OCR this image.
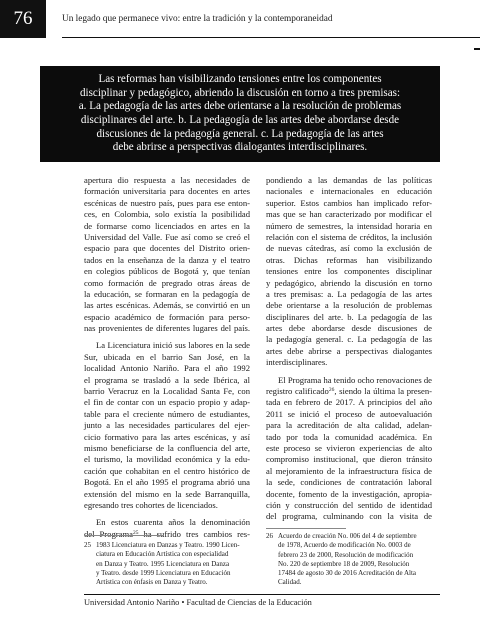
76	Un legado que permanece vivo: entre la tradición y la contemporaneidad
Las reformas han visibilizando tensiones entre los componentes
disciplinar y pedagógico, abriendo la discusión en torno a tres premisas:
a. La pedagogía de las artes debe orientarse a la resolución de problemas
disciplinares del arte. b. La pedagogía de las artes debe abordarse desde
discusiones de la pedagogía general. c. La pedagogía de las artes
debe abrirse a perspectivas dialogantes interdisciplinares.
apertura dio respuesta a las necesidades de
formación universitaria para docentes en artes
escénicas de nuestro país, pues para ese enton-
ces, en Colombia, solo existía la posibilidad
de formarse como licenciados en artes en la
Universidad del Valle. Fue así como se creó el
espacio para que docentes del Distrito orien-
tados en la enseñanza de la danza y el teatro
en colegios públicos de Bogotá y, que tenían
como formación de pregrado otras áreas de
la educación, se formaran en la pedagogía de
las artes escénicas. Además, se convirtió en un
espacio académico de formación para perso-
nas provenientes de diferentes lugares del país.
La Licenciatura inició sus labores en la sede
Sur, ubicada en el barrio San José, en la
localidad Antonio Nariño. Para el año 1992
el programa se trasladó a la sede Ibérica, al
barrio Veracruz en la Localidad Santa Fe, con
el fin de contar con un espacio propio y adap-
table para el creciente número de estudiantes,
junto a las necesidades particulares del ejer-
cicio formativo para las artes escénicas, y así
mismo beneficiarse de la confluencia del arte,
el turismo, la movilidad económica y la edu-
cación que cohabitan en el centro histórico de
Bogotá. En el año 1995 el programa abrió una
extensión del mismo en la sede Barranquilla,
egresando tres cohortes de licenciados.
En estos cuarenta años la denominación
del Programa$^{25}$ ha sufrido tres cambios res-
pondiendo a las demandas de las políticas
nacionales e internacionales en educación
superior. Estos cambios han implicado refor-
mas que se han caracterizado por modificar el
número de semestres, la intensidad horaria en
relación con el sistema de créditos, la inclusión
de nuevas cátedras, así como la exclusión de
otras. Dichas reformas han visibilizando
tensiones entre los componentes disciplinar
y pedagógico, abriendo la discusión en torno
a tres premisas: a. La pedagogía de las artes
debe orientarse a la resolución de problemas
disciplinares del arte. b. La pedagogía de las
artes debe abordarse desde discusiones de
la pedagogía general. c. La pedagogía de las
artes debe abrirse a perspectivas dialogantes
interdisciplinares.
El Programa ha tenido ocho renovaciones de
registro calificado$^{26}$, siendo la última la presen-
tada en febrero de 2017. A principios del año
2011 se inició el proceso de autoevaluación
para la acreditación de alta calidad, adelan-
tado por toda la comunidad académica. En
este proceso se vivieron experiencias de alto
compromiso institucional, que dieron tránsito
al mejoramiento de la infraestructura física de
la sede, condiciones de contratación laboral
docente, fomento de la investigación, apropia-
ción y construcción del sentido de identidad
del programa, culminando con la visita de
25 1983 Licenciatura en Danzas y Teatro. 1990 Licen-
ciatura en Educación Artística con especialidad
en Danza y Teatro. 1995 Licenciatura en Danza
y Teatro. desde 1999 Licenciatura en Educación
Artística con énfasis en Danza y Teatro.
26 Acuerdo de creación No. 006 del 4 de septiembre
de 1978, Acuerdo de modificación No. 0003 de
febrero 23 de 2000, Resolución de modificación
No. 220 de septiembre 18 de 2009, Resolución
17484 de agosto 30 de 2016 Acreditación de Alta
Calidad.
Universidad Antonio Nariño • Facultad de Ciencias de la Educación
